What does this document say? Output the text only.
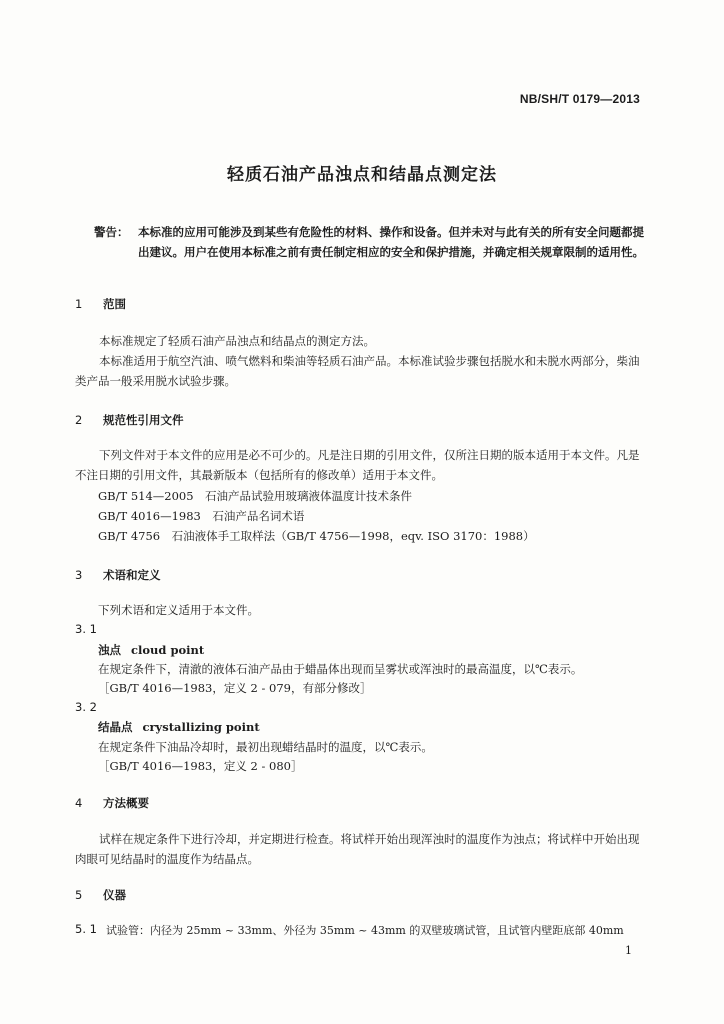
NB/SH/T 0179—2013
轻质石油产品浊点和结晶点测定法
警告： 本标准的应用可能涉及到某些有危险性的材料、操作和设备。但并未对与此有关的所有安全问题都提出建议。用户在使用本标准之前有责任制定相应的安全和保护措施，并确定相关规章限制的适用性。
1 范围
本标准规定了轻质石油产品浊点和结晶点的测定方法。
本标准适用于航空汽油、喷气燃料和柴油等轻质石油产品。本标准试验步骤包括脱水和未脱水两部分，柴油类产品一般采用脱水试验步骤。
2 规范性引用文件
下列文件对于本文件的应用是必不可少的。凡是注日期的引用文件，仅所注日期的版本适用于本文件。凡是不注日期的引用文件，其最新版本（包括所有的修改单）适用于本文件。
GB/T 514—2005　石油产品试验用玻璃液体温度计技术条件
GB/T 4016—1983　石油产品名词术语
GB/T 4756　石油液体手工取样法（GB/T 4756—1998，eqv. ISO 3170：1988）
3 术语和定义
下列术语和定义适用于本文件。
3. 1
浊点 cloud point
在规定条件下，清澈的液体石油产品由于蜡晶体出现而呈雾状或浑浊时的最高温度，以℃表示。
［GB/T 4016—1983，定义 2 - 079，有部分修改］
3. 2
结晶点 crystallizing point
在规定条件下油品冷却时，最初出现蜡结晶时的温度，以℃表示。
［GB/T 4016—1983，定义 2 - 080］
4 方法概要
试样在规定条件下进行冷却，并定期进行检查。将试样开始出现浑浊时的温度作为浊点；将试样中开始出现肉眼可见结晶时的温度作为结晶点。
5 仪器
5. 1 试验管：内径为 25mm ~ 33mm、外径为 35mm ~ 43mm 的双壁玻璃试管，且试管内壁距底部 40mm
1
